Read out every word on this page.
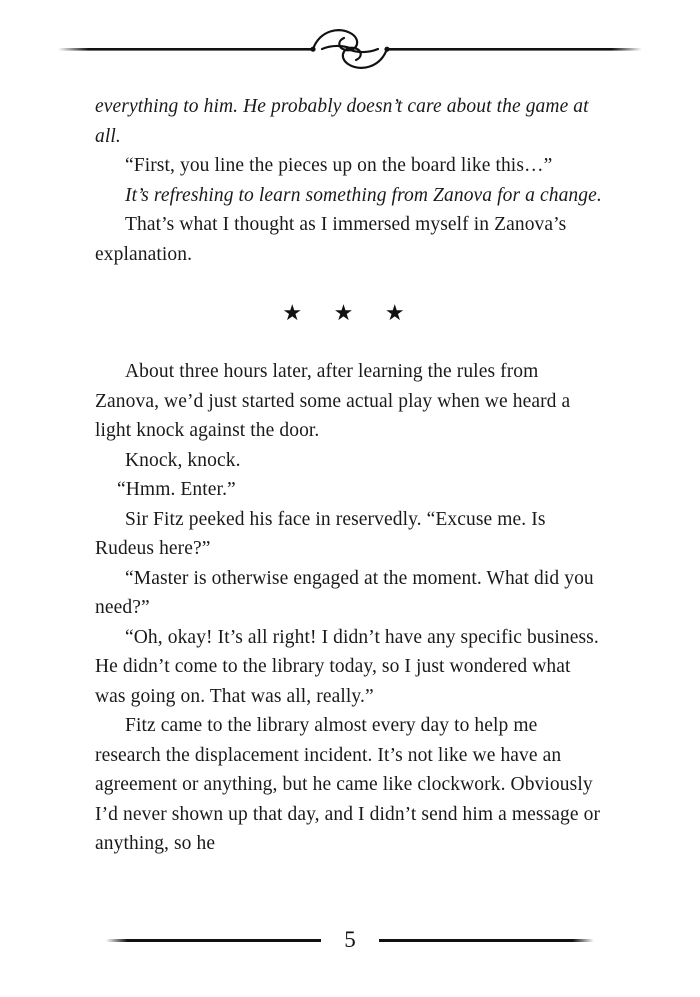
everything to him. He probably doesn’t care about the game at all.

“First, you line the pieces up on the board like this…”

It’s refreshing to learn something from Zanova for a change.

That’s what I thought as I immersed myself in Zanova’s explanation.

★ ★ ★

About three hours later, after learning the rules from Zanova, we’d just started some actual play when we heard a light knock against the door.

Knock, knock.

“Hmm. Enter.”

Sir Fitz peeked his face in reservedly. “Excuse me. Is Rudeus here?”

“Master is otherwise engaged at the moment. What did you need?”

“Oh, okay! It’s all right! I didn’t have any specific business. He didn’t come to the library today, so I just wondered what was going on. That was all, really.”

Fitz came to the library almost every day to help me research the displacement incident. It’s not like we have an agreement or anything, but he came like clockwork. Obviously I’d never shown up that day, and I didn’t send him a message or anything, so he

5
